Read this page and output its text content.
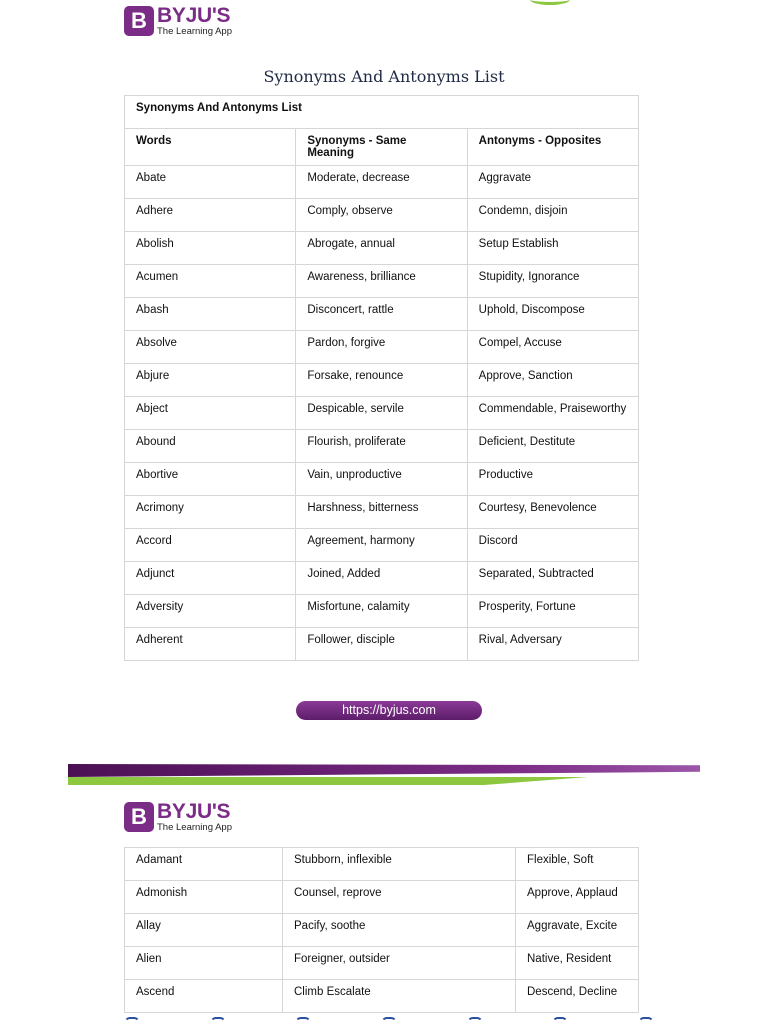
B BYJU'S
The Learning App
Synonyms And Antonyms List
Synonyms And Antonyms List		
Words	Synonyms - Same Meaning	Antonyms - Opposites
Abate	Moderate, decrease	Aggravate
Adhere	Comply, observe	Condemn, disjoin
Abolish	Abrogate, annual	Setup Establish
Acumen	Awareness, brilliance	Stupidity, Ignorance
Abash	Disconcert, rattle	Uphold, Discompose
Absolve	Pardon, forgive	Compel, Accuse
Abjure	Forsake, renounce	Approve, Sanction
Abject	Despicable, servile	Commendable, Praiseworthy
Abound	Flourish, proliferate	Deficient, Destitute
Abortive	Vain, unproductive	Productive
Acrimony	Harshness, bitterness	Courtesy, Benevolence
Accord	Agreement, harmony	Discord
Adjunct	Joined, Added	Separated, Subtracted
Adversity	Misfortune, calamity	Prosperity, Fortune
Adherent	Follower, disciple	Rival, Adversary
https://byjus.com
B BYJU'S
The Learning App
Adamant	Stubborn, inflexible	Flexible, Soft
Admonish	Counsel, reprove	Approve, Applaud
Allay	Pacify, soothe	Aggravate, Excite
Alien	Foreigner, outsider	Native, Resident
Ascend	Climb Escalate	Descend, Decline
